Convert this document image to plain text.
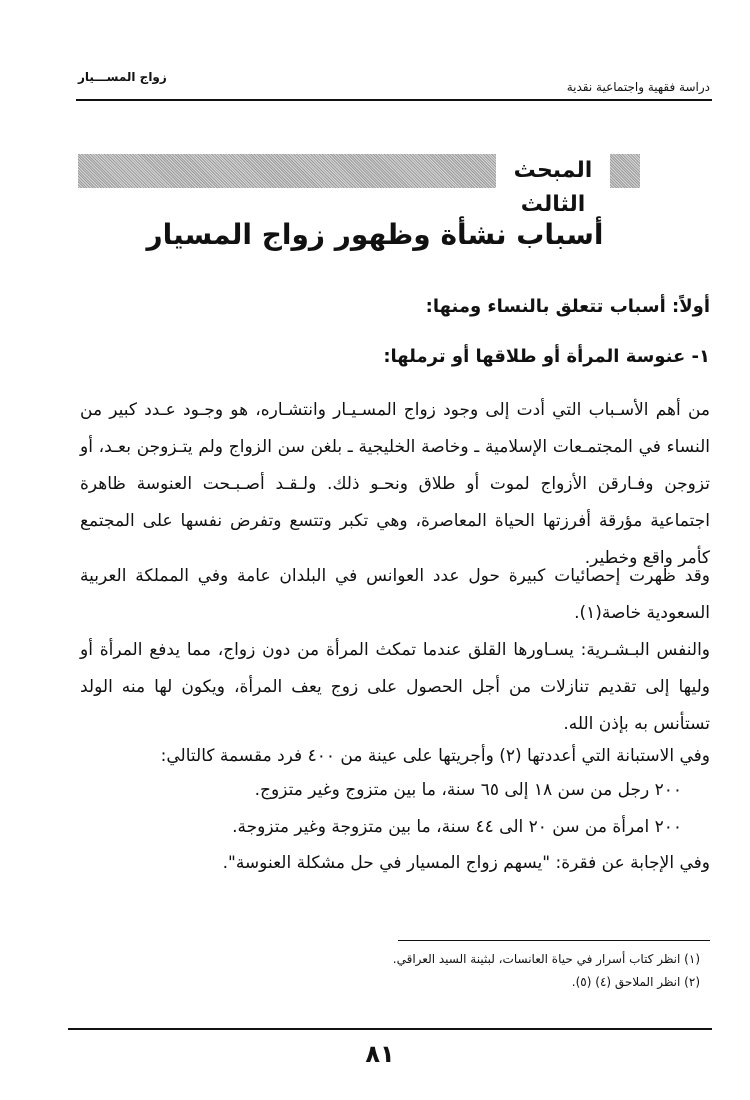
دراسة فقهية واجتماعية نقدية
زواج المســـيار
المبحث الثالث
أسباب نشأة وظهور زواج المسيار
أولاً: أسباب تتعلق بالنساء ومنها:
١- عنوسة المرأة أو طلاقها أو ترملها:
من أهم الأسـباب التي أدت إلى وجود زواج المسـيـار وانتشـاره، هو وجـود عـدد كبير من النساء في المجتمـعات الإسلامية ـ وخاصة الخليجية ـ بلغن سن الزواج ولم يتـزوجن بعـد، أو تزوجن وفـارقن الأزواج لموت أو طلاق ونحـو ذلك. ولـقـد أصـبـحت العنوسة ظاهرة اجتماعية مؤرقة أفرزتها الحياة المعاصرة، وهي تكبر وتتسع وتفرض نفسها على المجتمع كأمر واقع وخطير.
وقد ظهرت إحصائيات كبيرة حول عدد العوانس في البلدان عامة وفي المملكة العربية السعودية خاصة(١).
والنفس البـشـرية: يسـاورها القلق عندما تمكث المرأة من دون زواج، مما يدفع المرأة أو وليها إلى تقديم تنازلات من أجل الحصول على زوج يعف المرأة، ويكون لها منه الولد تستأنس به بإذن الله.
وفي الاستبانة التي أعددتها (٢) وأجريتها على عينة من ٤٠٠ فرد مقسمة كالتالي:
٢٠٠ رجل من سن ١٨ إلى ٦٥ سنة، ما بين متزوج وغير متزوج.
٢٠٠ امرأة من سن ٢٠ الى ٤٤ سنة، ما بين متزوجة وغير متزوجة.
وفي الإجابة عن فقرة: "يسهم زواج المسيار في حل مشكلة العنوسة".
(١) انظر كتاب أسرار في حياة العانسات، لبثينة السيد العراقي.
(٢) انظر الملاحق (٤) (٥).
٨١
